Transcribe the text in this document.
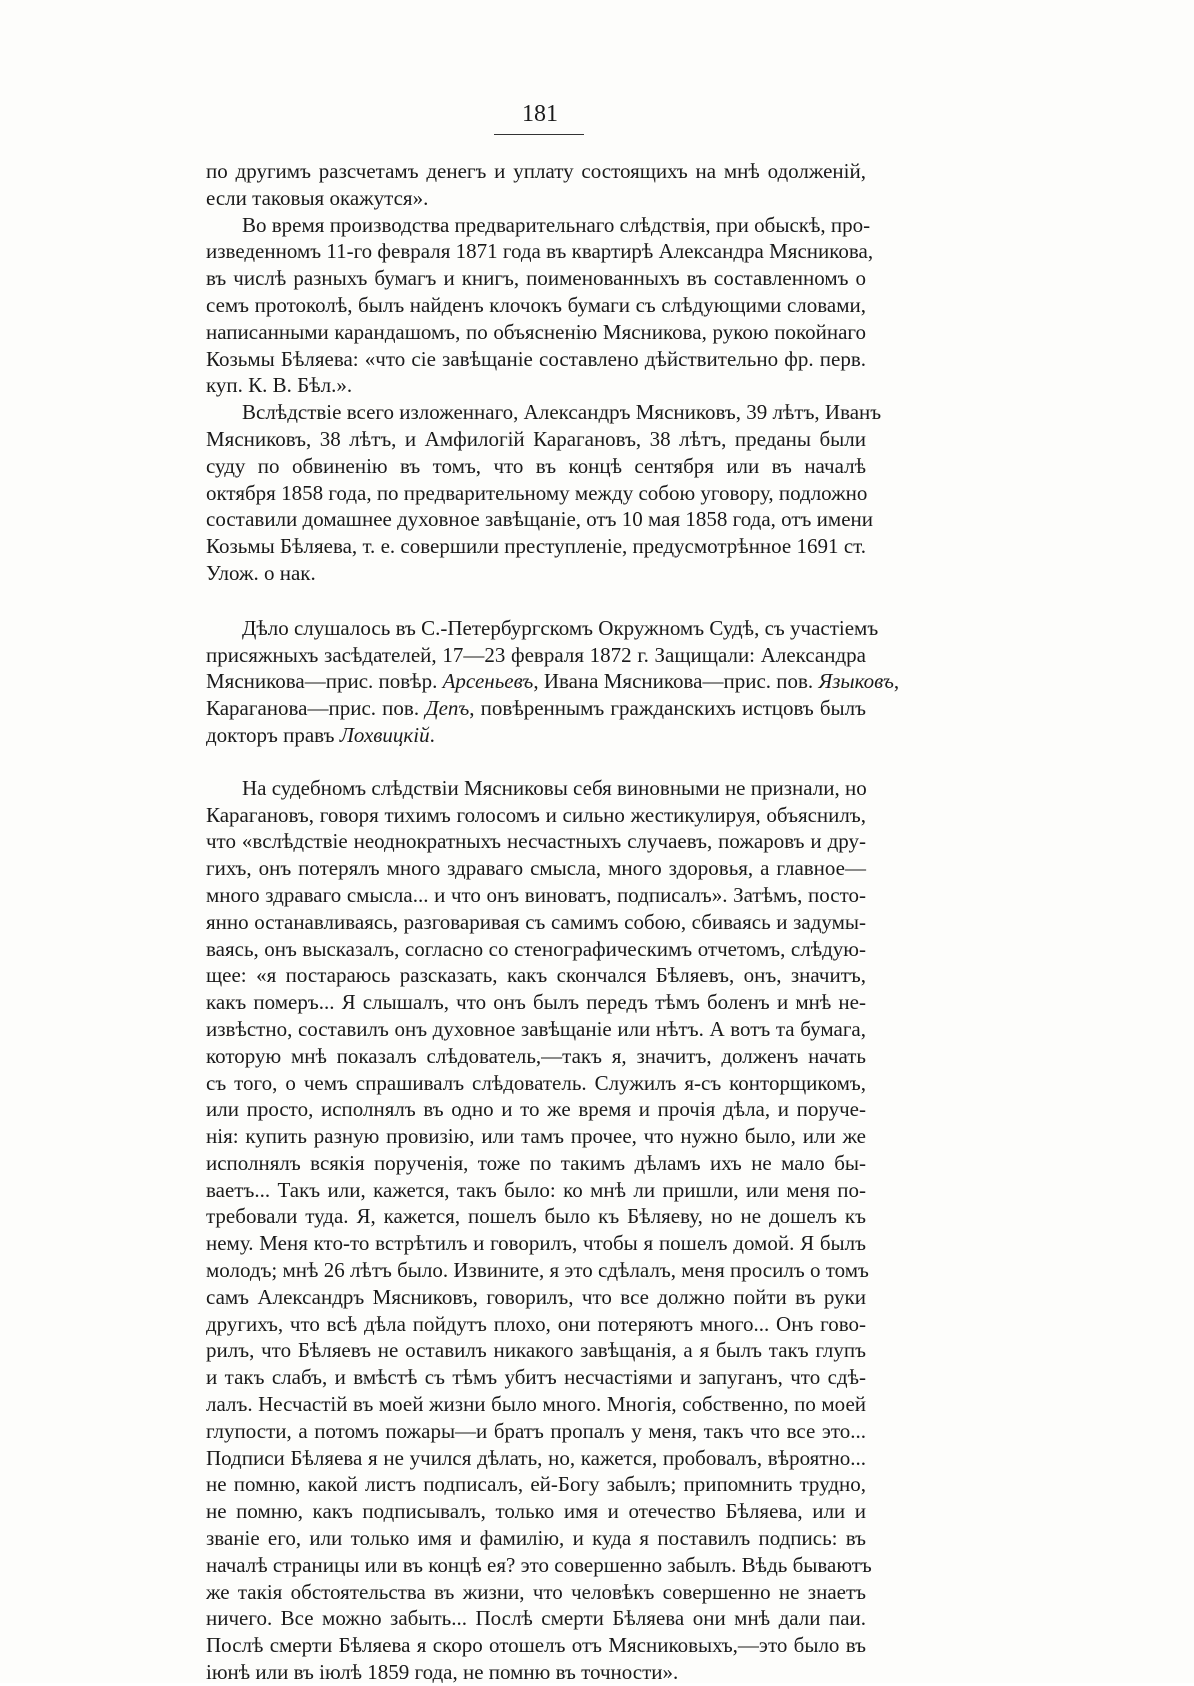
181

по другимъ разсчетамъ денегъ и уплату состоящихъ на мнѣ одолженій,
если таковыя окажутся».

Во время производства предварительнаго слѣдствія, при обыскѣ, про-
изведенномъ 11-го февраля 1871 года въ квартирѣ Александра Мясникова,
въ числѣ разныхъ бумагъ и книгъ, поименованныхъ въ составленномъ о
семъ протоколѣ, былъ найденъ клочокъ бумаги съ слѣдующими словами,
написанными карандашомъ, по объясненію Мясникова, рукою покойнаго
Козьмы Бѣляева: «что сіе завѣщаніе составлено дѣйствительно фр. перв.
куп. К. В. Бѣл.».

Вслѣдствіе всего изложеннаго, Александръ Мясниковъ, 39 лѣтъ, Иванъ
Мясниковъ, 38 лѣтъ, и Амфилогій Карагановъ, 38 лѣтъ, преданы были
суду по обвиненію въ томъ, что въ концѣ сентября или въ началѣ
октября 1858 года, по предварительному между собою уговору, подложно
составили домашнее духовное завѣщаніе, отъ 10 мая 1858 года, отъ имени
Козьмы Бѣляева, т. е. совершили преступленіе, предусмотрѣнное 1691 ст.
Улож. о нак.

Дѣло слушалось въ С.-Петербургскомъ Окружномъ Судѣ, съ участіемъ
присяжныхъ засѣдателей, 17—23 февраля 1872 г. Защищали: Александра
Мясникова—прис. повѣр. Арсеньевъ, Ивана Мясникова—прис. пов. Языковъ,
Караганова—прис. пов. Депъ, повѣреннымъ гражданскихъ истцовъ былъ
докторъ правъ Лохвицкій.

На судебномъ слѣдствіи Мясниковы себя виновными не признали, но
Карагановъ, говоря тихимъ голосомъ и сильно жестикулируя, объяснилъ,
что «вслѣдствіе неоднократныхъ несчастныхъ случаевъ, пожаровъ и дру-
гихъ, онъ потерялъ много здраваго смысла, много здоровья, а главное—
много здраваго смысла... и что онъ виноватъ, подписалъ». Затѣмъ, посто-
янно останавливаясь, разговаривая съ самимъ собою, сбиваясь и задумы-
ваясь, онъ высказалъ, согласно со стенографическимъ отчетомъ, слѣдую-
щее: «я постараюсь разсказать, какъ скончался Бѣляевъ, онъ, значитъ,
какъ померъ... Я слышалъ, что онъ былъ передъ тѣмъ боленъ и мнѣ не-
извѣстно, составилъ онъ духовное завѣщаніе или нѣтъ. А вотъ та бумага,
которую мнѣ показалъ слѣдователь,—такъ я, значитъ, долженъ начать
съ того, о чемъ спрашивалъ слѣдователь. Служилъ я-съ конторщикомъ,
или просто, исполнялъ въ одно и то же время и прочія дѣла, и поруче-
нія: купить разную провизію, или тамъ прочее, что нужно было, или же
исполнялъ всякія порученія, тоже по такимъ дѣламъ ихъ не мало бы-
ваетъ... Такъ или, кажется, такъ было: ко мнѣ ли пришли, или меня по-
требовали туда. Я, кажется, пошелъ было къ Бѣляеву, но не дошелъ къ
нему. Меня кто-то встрѣтилъ и говорилъ, чтобы я пошелъ домой. Я былъ
молодъ; мнѣ 26 лѣтъ было. Извините, я это сдѣлалъ, меня просилъ о томъ
самъ Александръ Мясниковъ, говорилъ, что все должно пойти въ руки
другихъ, что всѣ дѣла пойдутъ плохо, они потеряютъ много... Онъ гово-
рилъ, что Бѣляевъ не оставилъ никакого завѣщанія, а я былъ такъ глупъ
и такъ слабъ, и вмѣстѣ съ тѣмъ убитъ несчастіями и запуганъ, что сдѣ-
лалъ. Несчастій въ моей жизни было много. Многія, собственно, по моей
глупости, а потомъ пожары—и братъ пропалъ у меня, такъ что все это...
Подписи Бѣляева я не учился дѣлать, но, кажется, пробовалъ, вѣроятно...
не помню, какой листъ подписалъ, ей-Богу забылъ; припомнить трудно,
не помню, какъ подписывалъ, только имя и отечество Бѣляева, или и
званіе его, или только имя и фамилію, и куда я поставилъ подпись: въ
началѣ страницы или въ концѣ ея? это совершенно забылъ. Вѣдь бываютъ
же такія обстоятельства въ жизни, что человѣкъ совершенно не знаетъ
ничего. Все можно забыть... Послѣ смерти Бѣляева они мнѣ дали паи.
Послѣ смерти Бѣляева я скоро отошелъ отъ Мясниковыхъ,—это было въ
іюнѣ или въ іюлѣ 1859 года, не помню въ точности».
